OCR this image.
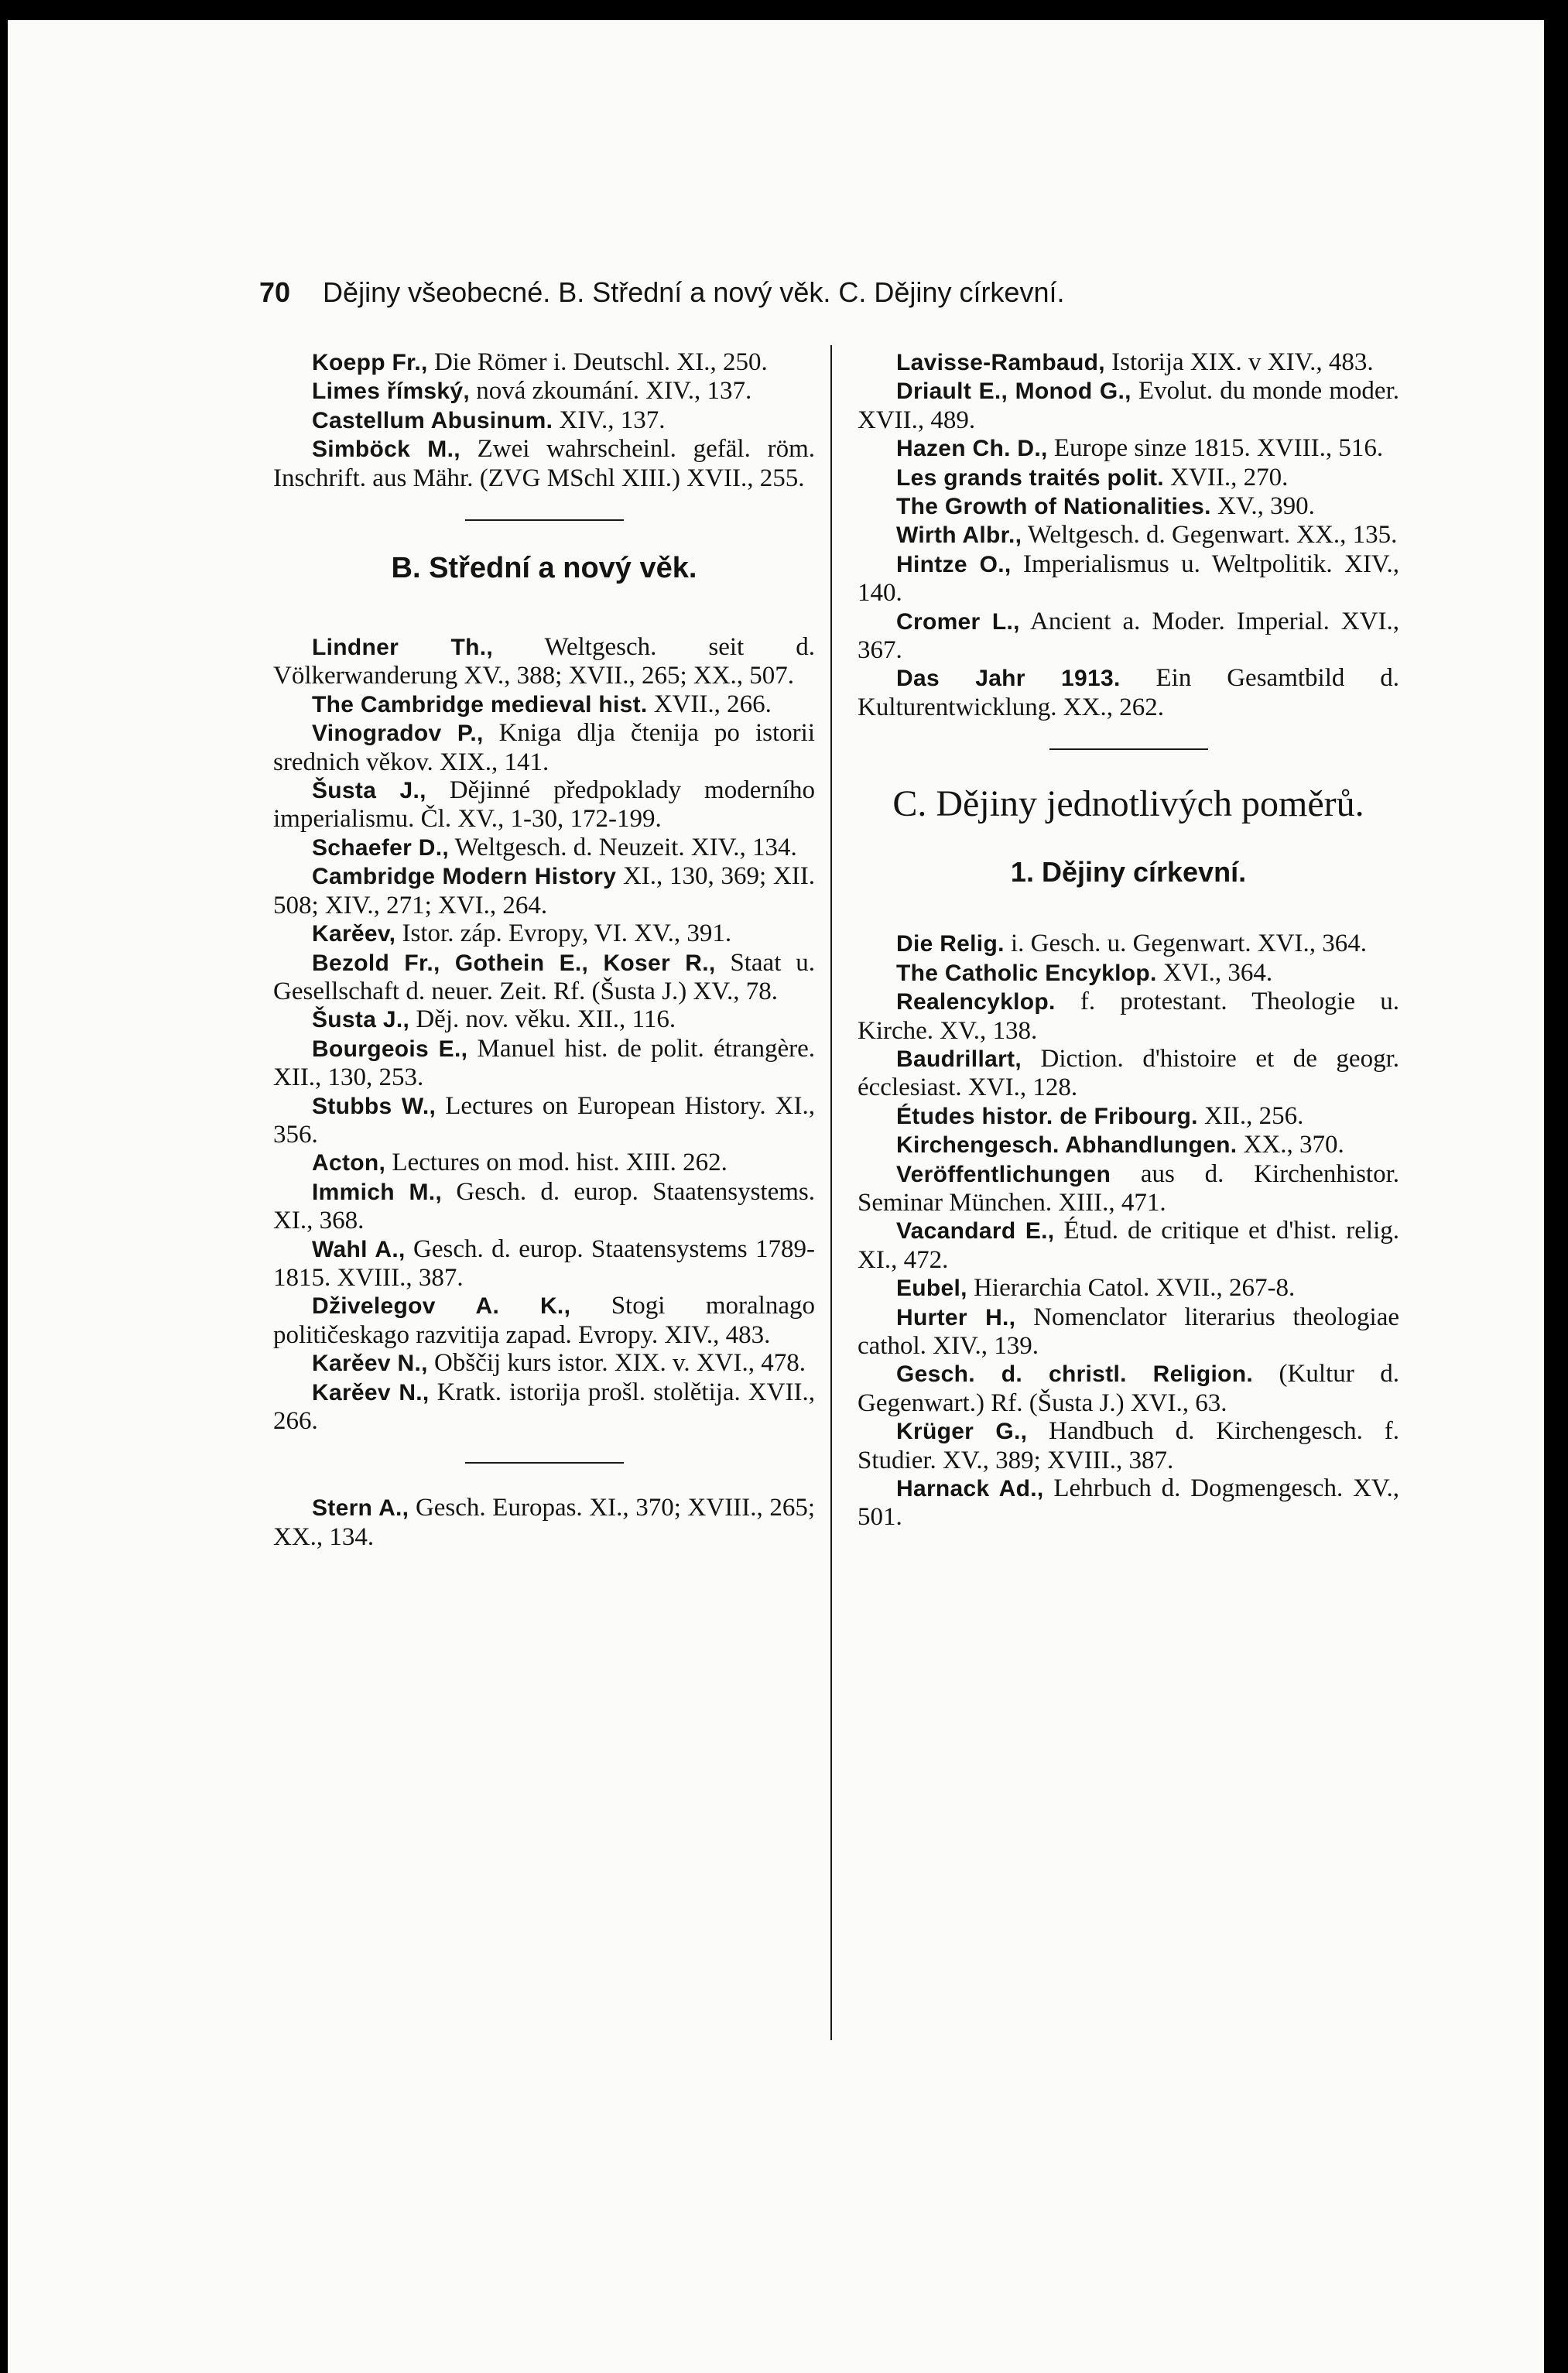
70 Dějiny všeobecné. B. Střední a nový věk. C. Dějiny církevní.

Koepp Fr., Die Römer i. Deutschl. XI., 250.

Limes římský, nová zkoumání. XIV., 137.

Castellum Abusinum. XIV., 137.

Simböck M., Zwei wahrscheinl. gefäl. röm. Inschrift. aus Mähr. (ZVG MSchl XIII.) XVII., 255.

B. Střední a nový věk.

Lindner Th., Weltgesch. seit d. Völkerwanderung XV., 388; XVII., 265; XX., 507.

The Cambridge medieval hist. XVII., 266.

Vinogradov P., Kniga dlja čtenija po istorii srednich věkov. XIX., 141.

Šusta J., Dějinné předpoklady moderního imperialismu. Čl. XV., 1-30, 172-199.

Schaefer D., Weltgesch. d. Neuzeit. XIV., 134.

Cambridge Modern History XI., 130, 369; XII. 508; XIV., 271; XVI., 264.

Karěev, Istor. záp. Evropy, VI. XV., 391.

Bezold Fr., Gothein E., Koser R., Staat u. Gesellschaft d. neuer. Zeit. Rf. (Šusta J.) XV., 78.

Šusta J., Děj. nov. věku. XII., 116.

Bourgeois E., Manuel hist. de polit. étrangère. XII., 130, 253.

Stubbs W., Lectures on European History. XI., 356.

Acton, Lectures on mod. hist. XIII. 262.

Immich M., Gesch. d. europ. Staatensystems. XI., 368.

Wahl A., Gesch. d. europ. Staatensystems 1789-1815. XVIII., 387.

Dživelegov A. K., Stogi moralnago političeskago razvitija zapad. Evropy. XIV., 483.

Karěev N., Obščij kurs istor. XIX. v. XVI., 478.

Karěev N., Kratk. istorija prošl. stolětija. XVII., 266.

Stern A., Gesch. Europas. XI., 370; XVIII., 265; XX., 134.

Lavisse-Rambaud, Istorija XIX. v XIV., 483.

Driault E., Monod G., Evolut. du monde moder. XVII., 489.

Hazen Ch. D., Europe sinze 1815. XVIII., 516.

Les grands traités polit. XVII., 270.

The Growth of Nationalities. XV., 390.

Wirth Albr., Weltgesch. d. Gegenwart. XX., 135.

Hintze O., Imperialismus u. Weltpolitik. XIV., 140.

Cromer L., Ancient a. Moder. Imperial. XVI., 367.

Das Jahr 1913. Ein Gesamtbild d. Kulturentwicklung. XX., 262.

C. Dějiny jednotlivých poměrů.
1. Dějiny církevní.

Die Relig. i. Gesch. u. Gegenwart. XVI., 364.

The Catholic Encyklop. XVI., 364.

Realencyklop. f. protestant. Theologie u. Kirche. XV., 138.

Baudrillart, Diction. d'histoire et de geogr. écclesiast. XVI., 128.

Études histor. de Fribourg. XII., 256.

Kirchengesch. Abhandlungen. XX., 370.

Veröffentlichungen aus d. Kirchenhistor. Seminar München. XIII., 471.

Vacandard E., Étud. de critique et d'hist. relig. XI., 472.

Eubel, Hierarchia Catol. XVII., 267-8.

Hurter H., Nomenclator literarius theologiae cathol. XIV., 139.

Gesch. d. christl. Religion. (Kultur d. Gegenwart.) Rf. (Šusta J.) XVI., 63.

Krüger G., Handbuch d. Kirchengesch. f. Studier. XV., 389; XVIII., 387.

Harnack Ad., Lehrbuch d. Dogmengesch. XV., 501.
